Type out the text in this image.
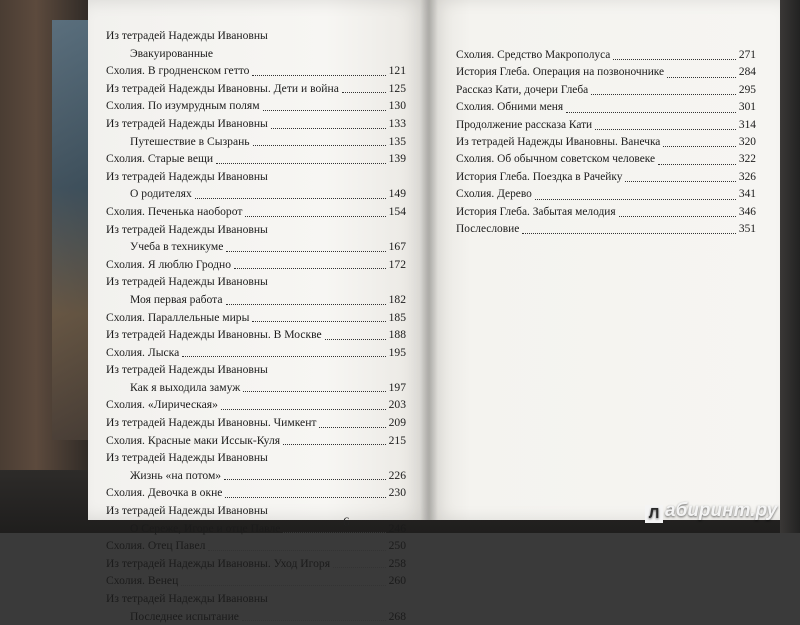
Из тетрадей Надежды Ивановны
Эвакуированные
Схолия. В гродненском гетто	121
Из тетрадей Надежды Ивановны. Дети и война	125
Схолия. По изумрудным полям	130
Из тетрадей Надежды Ивановны	133
Путешествие в Сызрань	135
Схолия. Старые вещи	139
Из тетрадей Надежды Ивановны
О родителях	149
Схолия. Печенька наоборот	154
Из тетрадей Надежды Ивановны
Учеба в техникуме	167
Схолия. Я люблю Гродно	172
Из тетрадей Надежды Ивановны
Моя первая работа	182
Схолия. Параллельные миры	185
Из тетрадей Надежды Ивановны. В Москве	188
Схолия. Лыска	195
Из тетрадей Надежды Ивановны
Как я выходила замуж	197
Схолия. «Лирическая»	203
Из тетрадей Надежды Ивановны. Чимкент	209
Схолия. Красные маки Иссык-Куля	215
Из тетрадей Надежды Ивановны
Жизнь «на потом»	226
Схолия. Девочка в окне	230
Из тетрадей Надежды Ивановны
О Сереже, Игоре и отце Павле	246
Схолия. Отец Павел	250
Из тетрадей Надежды Ивановны. Уход Игоря	258
Схолия. Венец	260
Из тетрадей Надежды Ивановны
Последнее испытание	268
6
Схолия. Средство Макрополуса	271
История Глеба. Операция на позвоночнике	284
Рассказ Кати, дочери Глеба	295
Схолия. Обними меня	301
Продолжение рассказа Кати	314
Из тетрадей Надежды Ивановны. Ванечка	320
Схолия. Об обычном советском человеке	322
История Глеба. Поездка в Рачейку	326
Схолия. Дерево	341
История Глеба. Забытая мелодия	346
Послесловие	351
Л абиринт.ру
